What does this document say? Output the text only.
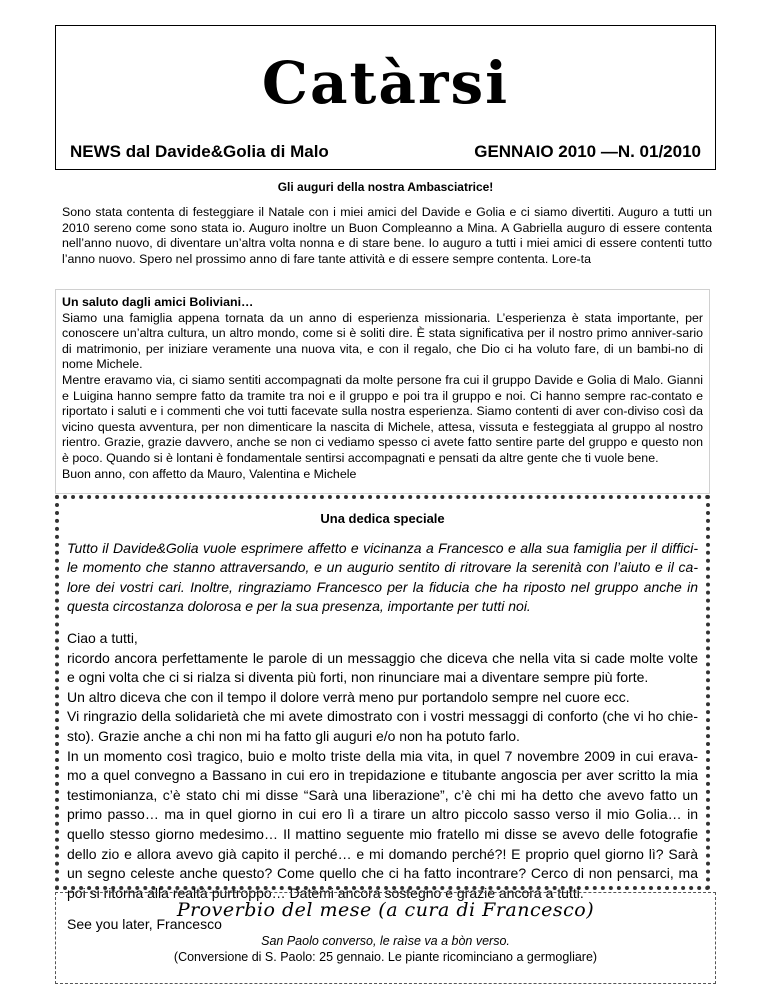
Catàrsi
NEWS dal Davide&Golia di Malo	GENNAIO 2010 —N. 01/2010
Gli auguri della nostra Ambasciatrice!
Sono stata contenta di festeggiare il Natale con i miei amici del Davide e Golia e ci siamo divertiti. Auguro a tutti un 2010 sereno come sono stata io. Auguro inoltre un Buon Compleanno a Mina. A Gabriella auguro di essere contenta nell’anno nuovo, di diventare un’altra volta nonna e di stare bene. Io auguro a tutti i miei amici di essere contenti tutto l’anno nuovo. Spero nel prossimo anno di fare tante attività e di essere sempre contenta. Lore-ta
Un saluto dagli amici Boliviani…

Siamo una famiglia appena tornata da un anno di esperienza missionaria. L’esperienza è stata importante, per conoscere un’altra cultura, un altro mondo, come si è soliti dire. È stata significativa per il nostro primo anniver-sario di matrimonio, per iniziare veramente una nuova vita, e con il regalo, che Dio ci ha voluto fare, di un bambi-no di nome Michele.

Mentre eravamo via, ci siamo sentiti accompagnati da molte persone fra cui il gruppo Davide e Golia di Malo. Gianni e Luigina hanno sempre fatto da tramite tra noi e il gruppo e poi tra il gruppo e noi. Ci hanno sempre rac-contato e riportato i saluti e i commenti che voi tutti facevate sulla nostra esperienza. Siamo contenti di aver con-diviso così da vicino questa avventura, per non dimenticare la nascita di Michele, attesa, vissuta e festeggiata al gruppo al nostro rientro. Grazie, grazie davvero, anche se non ci vediamo spesso ci avete fatto sentire parte del gruppo e questo non è poco. Quando si è lontani è fondamentale sentirsi accompagnati e pensati da altre gente che ti vuole bene.

Buon anno, con affetto da Mauro, Valentina e Michele

Una dedica speciale

Tutto il Davide&Golia vuole esprimere affetto e vicinanza a Francesco e alla sua famiglia per il diffici-le momento che stanno attraversando, e un augurio sentito di ritrovare la serenità con l’aiuto e il ca-lore dei vostri cari. Inoltre, ringraziamo Francesco per la fiducia che ha riposto nel gruppo anche in questa circostanza dolorosa e per la sua presenza, importante per tutti noi.

Ciao a tutti,

ricordo ancora perfettamente le parole di un messaggio che diceva che nella vita si cade molte volte e ogni volta che ci si rialza si diventa più forti, non rinunciare mai a diventare sempre più forte.

Un altro diceva che con il tempo il dolore verrà meno pur portandolo sempre nel cuore ecc.

Vi ringrazio della solidarietà che mi avete dimostrato con i vostri messaggi di conforto (che vi ho chie-sto). Grazie anche a chi non mi ha fatto gli auguri e/o non ha potuto farlo.

In un momento così tragico, buio e molto triste della mia vita, in quel 7 novembre 2009 in cui erava-mo a quel convegno a Bassano in cui ero in trepidazione e titubante angoscia per aver scritto la mia testimonianza, c’è stato chi mi disse “Sarà una liberazione”, c’è chi mi ha detto che avevo fatto un primo passo… ma in quel giorno in cui ero lì a tirare un altro piccolo sasso verso il mio Golia… in quello stesso giorno medesimo… Il mattino seguente mio fratello mi disse se avevo delle fotografie dello zio e allora avevo già capito il perché… e mi domando perché?! E proprio quel giorno lì? Sarà un segno celeste anche questo? Come quello che ci ha fatto incontrare? Cerco di non pensarci, ma poi si ritorna alla realtà purtroppo… Datemi ancora sostegno e grazie ancora a tutti.

See you later, Francesco
Proverbio del mese (a cura di Francesco)
San Paolo converso, le raìse va a bòn verso.
(Conversione di S. Paolo: 25 gennaio. Le piante ricominciano a germogliare)
